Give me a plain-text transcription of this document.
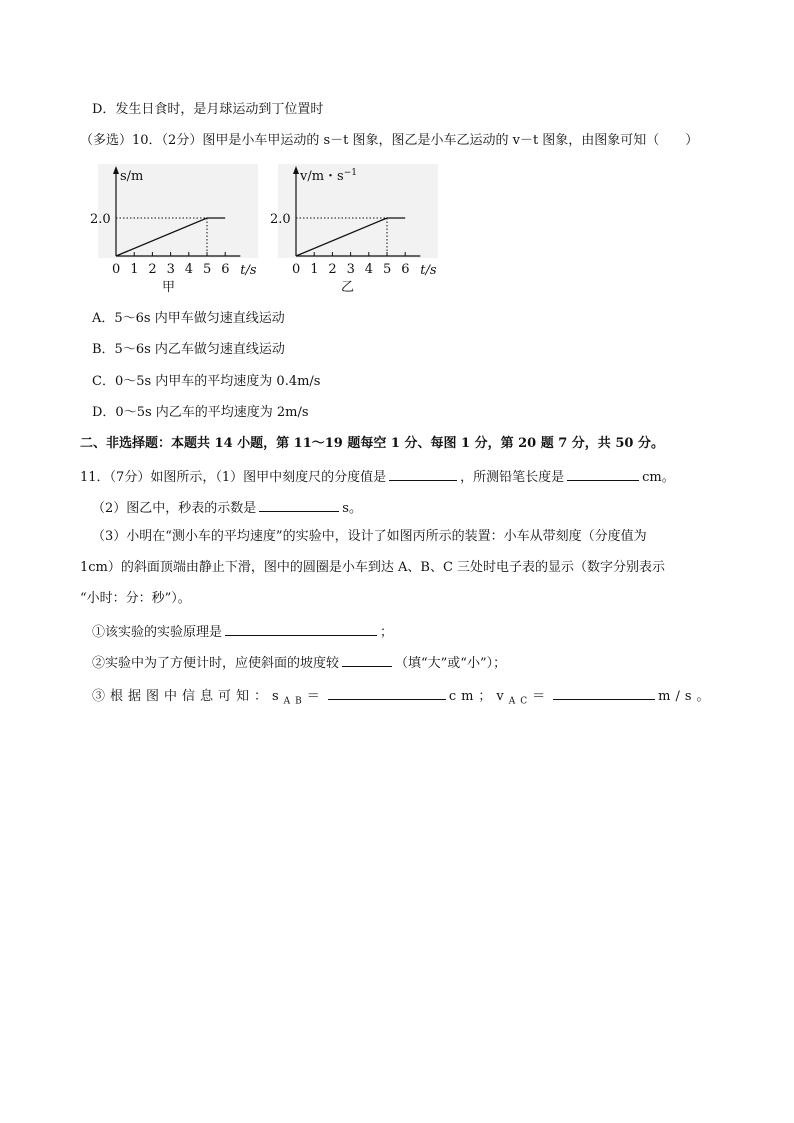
D．发生日食时，是月球运动到丁位置时
（多选）10．（2分）图甲是小车甲运动的 s－t 图象，图乙是小车乙运动的 v－t 图象，由图象可知（　　）
0 1 2 3 4 5 6 t/s
s/m
2.0
甲
0 1 2 3 4 5 6 t/s
v/m・$s^{-1}$
2.0
乙
A．5～6s 内甲车做匀速直线运动
B．5～6s 内乙车做匀速直线运动
C．0～5s 内甲车的平均速度为 0.4m/s
D．0～5s 内乙车的平均速度为 2m/s
二、非选择题：本题共 14 小题，第 11～19 题每空 1 分、每图 1 分，第 20 题 7 分，共 50 分。
11．（7分）如图所示，（1）图甲中刻度尺的分度值是	，所测铅笔长度是	cm。
（2）图乙中，秒表的示数是	s。
（3）小明在“测小车的平均速度”的实验中，设计了如图丙所示的装置：小车从带刻度（分度值为
1cm）的斜面顶端由静止下滑，图中的圆圈是小车到达 A、B、C 三处时电子表的显示（数字分别表示
“小时：分：秒”）。
①该实验的实验原理是	；
②实验中为了方便计时，应使斜面的坡度较	（填“大”或“小”）；
③根据图中信息可知：$s_{AB}=$	cm；$v_{AC}=$	m/s。
